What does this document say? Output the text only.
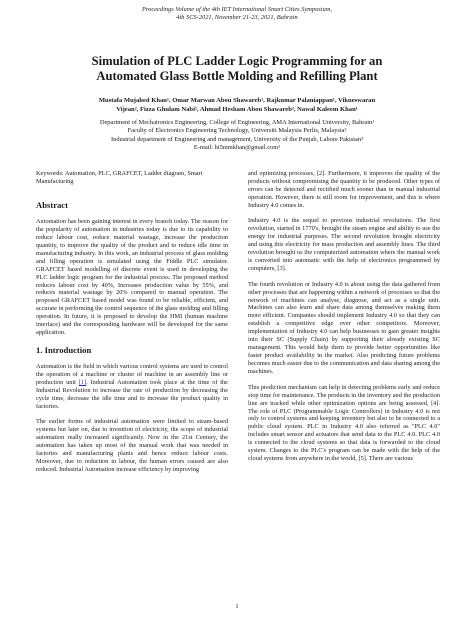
Proceedings Volume of the 4th IET International Smart Cities Symposium,
4th SCS-2021, November 21-23, 2021, Bahrain
Simulation of PLC Ladder Logic Programming for an
Automated Glass Bottle Molding and Refilling Plant
Mustafa Mujahed Khan¹, Omar Marwan Abou Shawareb¹, Rajkumar Palaniappan¹, Vikneswaran
Vijean², Fizza Ghulam Nabi², Ahmad Hesham Abou Shawareb³, Nawal Kaleem Khan¹
Department of Mechatronics Engineering, College of Engineering, AMA International University, Bahrain¹
Faculty of Electronics Engineering Technology, Universiti Malaysia Perlis, Malaysia²
Industrial department of Engineering and management, University of the Punjab, Lahore Pakistan³
E-mail: hi5mmkhan@gmail.com¹

Keywords: Automation, PLC, GRAFCET, Ladder diagram, Smart Manufacturing

Abstract

Automation has been gaining interest in every branch today. The reason for the popularity of automation in industries today is due to its capability to reduce labour cost, reduce material wastage, increase the production quantity, to improve the quality of the product and to reduce idle time in manufacturing industry. In this work, an industrial process of glass molding and filling operation is simulated using the Fiddle PLC simulator. GRAFCET based modelling of discrete event is used in developing the PLC ladder logic program for the industrial process. The proposed method reduces labour cost by 40%, Increases production value by 55%, and reduces material wastage by 20% compared to manual operation. The proposed GRAFCET based model was found to be reliable, efficient, and accurate in performing the control sequence of the glass molding and filling operation. In future, it is proposed to develop the HMI (human machine interface) and the corresponding hardware will be developed for the same application.

1. Introduction

Automation is the field in which various control systems are used to control the operation of a machine or cluster of machine in an assembly line or production unit [1]. Industrial Automation took place at the time of the Industrial Revolution to increase the rate of production by decreasing the cycle time, decrease the idle time and to increase the product quality in factories.

The earlier forms of industrial automation were limited to steam-based systems but later on, due to invention of electricity, the scope of industrial automation really increased significantly. Now in the 21st Century, the automation has taken up most of the manual work that was needed in factories and manufacturing plants and hence reduce labour costs. Moreover, due to reduction in labour, the human errors caused are also reduced. Industrial Automation increase efficiency by improving

and optimizing processes, [2]. Furthermore, it improves the quality of the products without compromising the quantity to be produced. Other types of errors can be detected and rectified much sooner than in manual industrial operation. However, there is still room for improvement, and this is where Industry 4.0 comes in.

Industry 4.0 is the sequel to previous industrial revolutions. The first revolution, started in 1770's, brought the steam engine and ability to use the energy for industrial purposes. The second revolution brought electricity and using this electricity for mass production and assembly lines. The third revolution brought us the computerized automation where the manual work is converted into automatic with the help of electronics programmed by computers, [3].

The fourth revolution or Industry 4.0 is about using the data gathered from other processes that are happening within a network of processes so that the network of machines can analyse, diagnose, and act as a single unit. Machines can also learn and share data among themselves making them more efficient. Companies should implement Industry 4.0 so that they can establish a competitive edge over other competitors. Moreover, implementation of Industry 4.0 can help businesses to gain greater insights into their SC (Supply Chain) by supporting their already existing SC management. This would help them to provide better opportunities like faster product availability in the market. Also predicting future problems becomes much easier due to the communication and data sharing among the machines.

This prediction mechanism can help in detecting problems early and reduce stop time for maintenance. The products in the inventory and the production line are tracked while other optimization options are being assessed, [4]. The role of PLC (Programmable Logic Controllers) in Industry 4.0 is not only to control systems and keeping inventory but also to be connected to a public cloud system. PLC in Industry 4.0 also referred as "PLC 4.0" includes smart sensor and actuators that send data to the PLC 4.0. PLC 4.0 is connected to the cloud systems so that data is forwarded to the cloud system. Changes to the PLC's program can be made with the help of the cloud systems from anywhere in the world, [5]. There are various

1
